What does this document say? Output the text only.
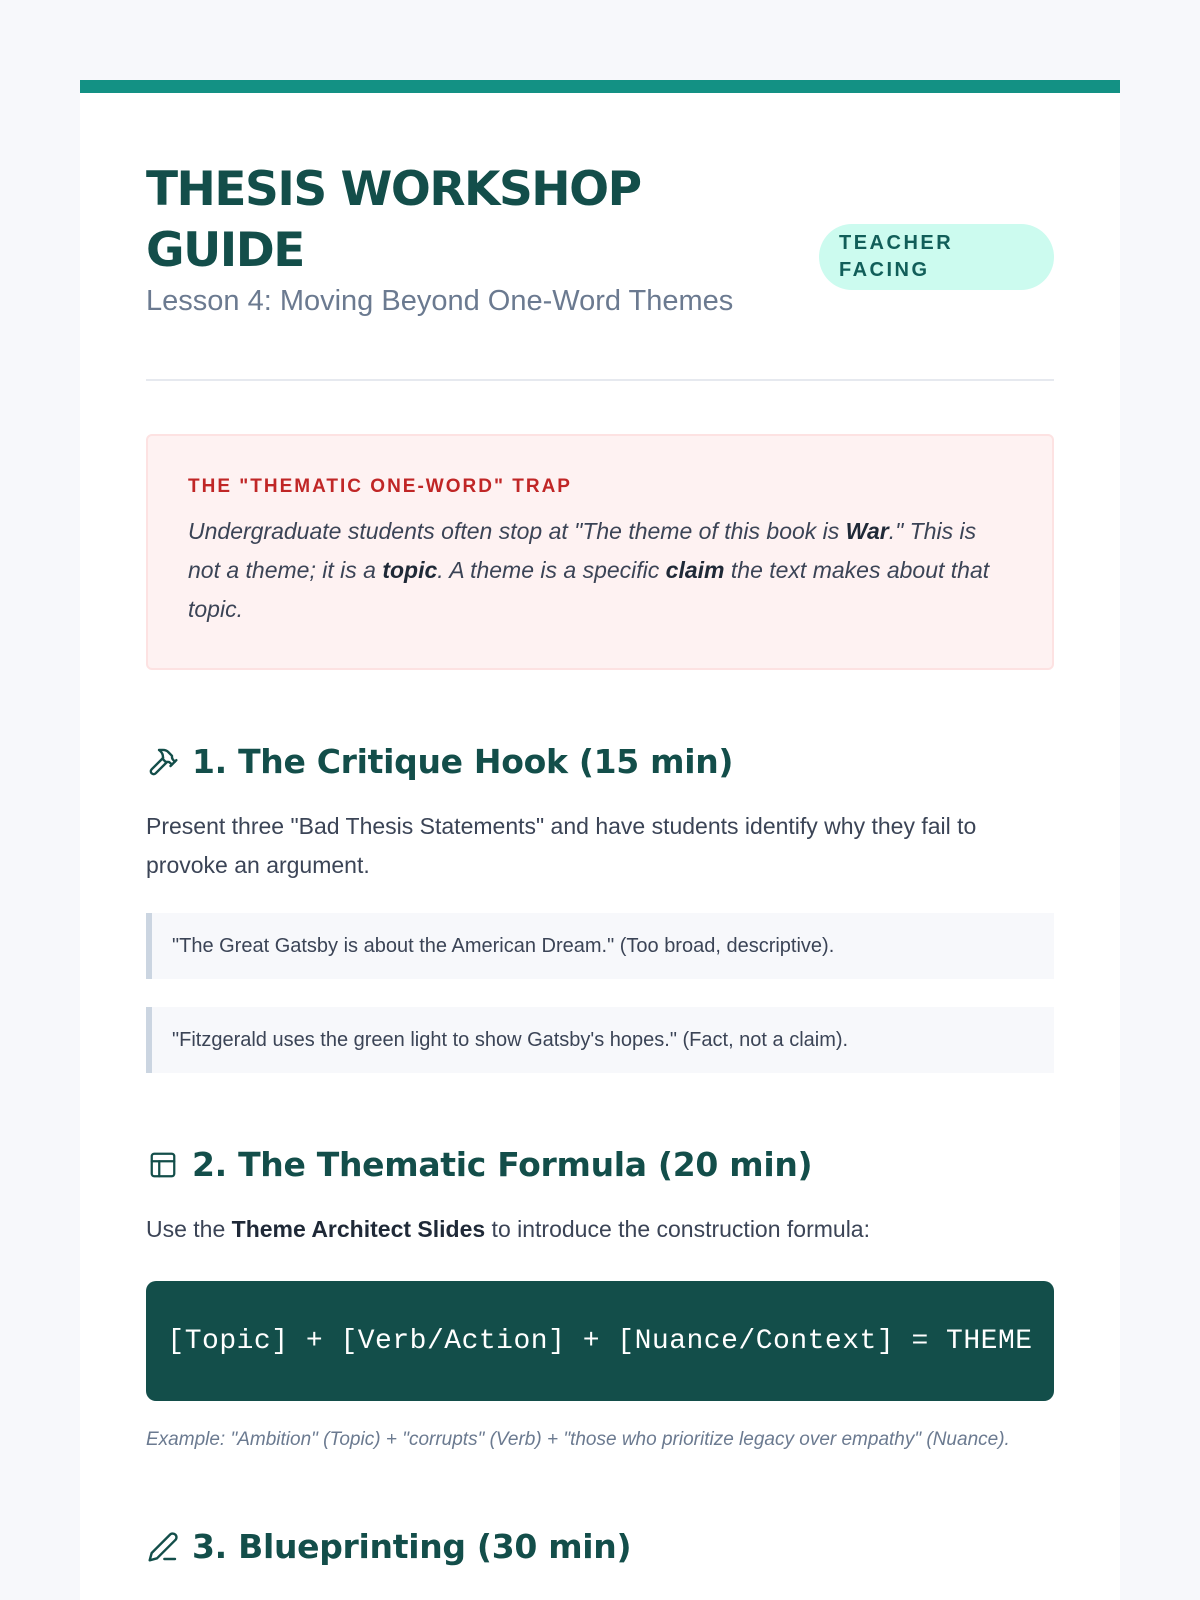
THESIS WORKSHOP GUIDE
Lesson 4: Moving Beyond One-Word Themes
TEACHER FACING
THE "THEMATIC ONE-WORD" TRAP

Undergraduate students often stop at "The theme of this book is War." This is not a theme; it is a topic. A theme is a specific claim the text makes about that topic.

1. The Critique Hook (15 min)

Present three "Bad Thesis Statements" and have students identify why they fail to provoke an argument.

"The Great Gatsby is about the American Dream." (Too broad, descriptive).
"Fitzgerald uses the green light to show Gatsby's hopes." (Fact, not a claim).
2. The Thematic Formula (20 min)

Use the Theme Architect Slides to introduce the construction formula:

[Topic] + [Verb/Action] + [Nuance/Context] = THEME

Example: "Ambition" (Topic) + "corrupts" (Verb) + "those who prioritize legacy over empathy" (Nuance).

3. Blueprinting (30 min)
